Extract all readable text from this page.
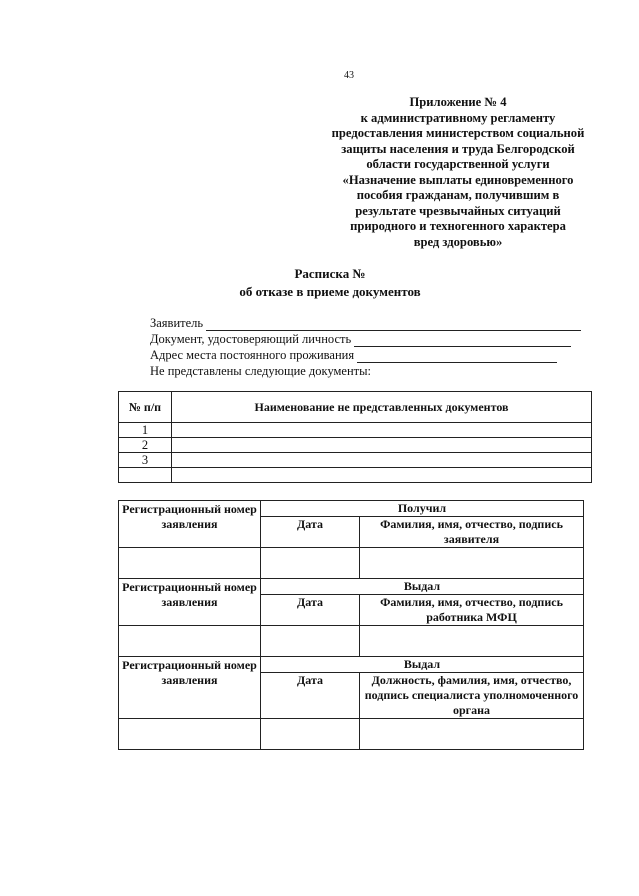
43
Приложение № 4
к административному регламенту
предоставления министерством социальной
защиты населения и труда Белгородской
области государственной услуги
«Назначение выплаты единовременного
пособия гражданам, получившим в
результате чрезвычайных ситуаций
природного и техногенного характера
вред здоровью»
Расписка №
об отказе в приеме документов
Заявитель
Документ, удостоверяющий личность
Адрес места постоянного проживания
Не представлены следующие документы:
№ п/п	Наименование не представленных документов
1	
2	
3	

Регистрационный номер заявления	Получил	
	Дата	Фамилия, имя, отчество, подпись заявителя

Регистрационный номер заявления	Выдал	
	Дата	Фамилия, имя, отчество, подпись работника МФЦ

Регистрационный номер заявления	Выдал	
	Дата	Должность, фамилия, имя, отчество, подпись специалиста уполномоченного органа
